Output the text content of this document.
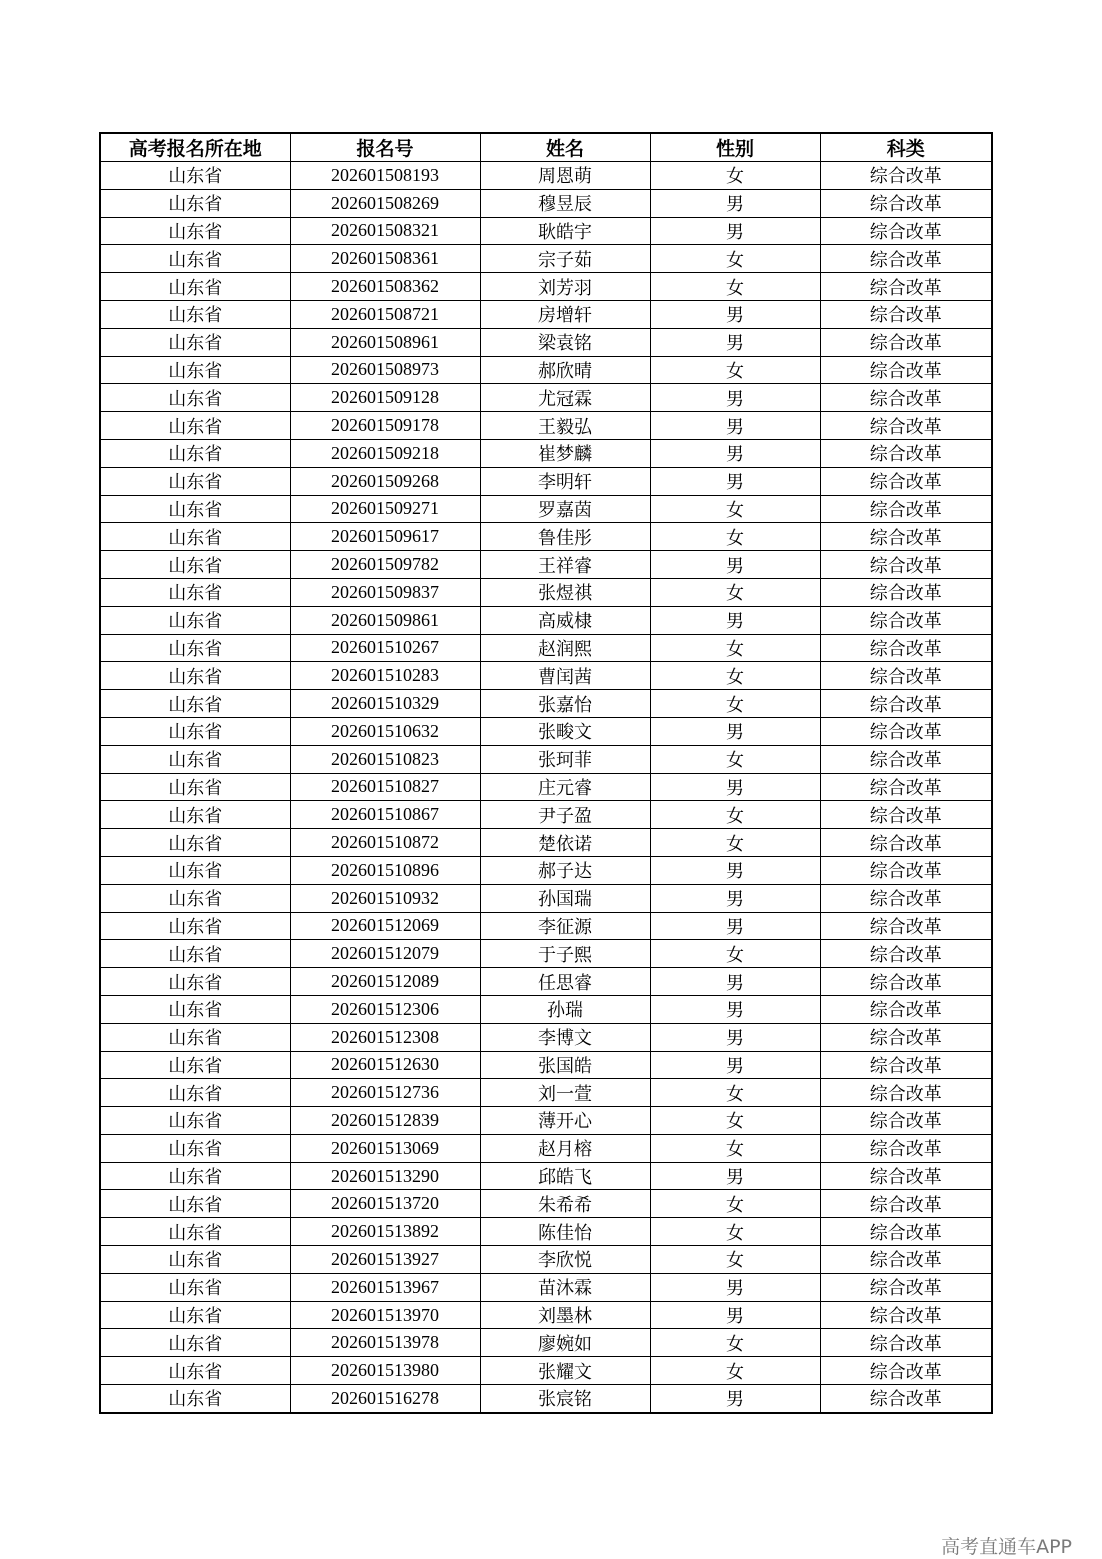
高考报名所在地	报名号	姓名	性别	科类
山东省	202601508193	周恩萌	女	综合改革
山东省	202601508269	穆昱辰	男	综合改革
山东省	202601508321	耿皓宇	男	综合改革
山东省	202601508361	宗子茹	女	综合改革
山东省	202601508362	刘芳羽	女	综合改革
山东省	202601508721	房增轩	男	综合改革
山东省	202601508961	梁袁铭	男	综合改革
山东省	202601508973	郝欣晴	女	综合改革
山东省	202601509128	尤冠霖	男	综合改革
山东省	202601509178	王毅弘	男	综合改革
山东省	202601509218	崔梦麟	男	综合改革
山东省	202601509268	李明轩	男	综合改革
山东省	202601509271	罗嘉茵	女	综合改革
山东省	202601509617	鲁佳彤	女	综合改革
山东省	202601509782	王祥睿	男	综合改革
山东省	202601509837	张煜祺	女	综合改革
山东省	202601509861	高威棣	男	综合改革
山东省	202601510267	赵润熙	女	综合改革
山东省	202601510283	曹闰茜	女	综合改革
山东省	202601510329	张嘉怡	女	综合改革
山东省	202601510632	张畯文	男	综合改革
山东省	202601510823	张珂菲	女	综合改革
山东省	202601510827	庄元睿	男	综合改革
山东省	202601510867	尹子盈	女	综合改革
山东省	202601510872	楚依诺	女	综合改革
山东省	202601510896	郝子达	男	综合改革
山东省	202601510932	孙国瑞	男	综合改革
山东省	202601512069	李征源	男	综合改革
山东省	202601512079	于子熙	女	综合改革
山东省	202601512089	任思睿	男	综合改革
山东省	202601512306	孙瑞	男	综合改革
山东省	202601512308	李博文	男	综合改革
山东省	202601512630	张国皓	男	综合改革
山东省	202601512736	刘一萱	女	综合改革
山东省	202601512839	薄开心	女	综合改革
山东省	202601513069	赵月榕	女	综合改革
山东省	202601513290	邱皓飞	男	综合改革
山东省	202601513720	朱希希	女	综合改革
山东省	202601513892	陈佳怡	女	综合改革
山东省	202601513927	李欣悦	女	综合改革
山东省	202601513967	苗沐霖	男	综合改革
山东省	202601513970	刘墨林	男	综合改革
山东省	202601513978	廖婉如	女	综合改革
山东省	202601513980	张耀文	女	综合改革
山东省	202601516278	张宸铭	男	综合改革
高考直通车APP
